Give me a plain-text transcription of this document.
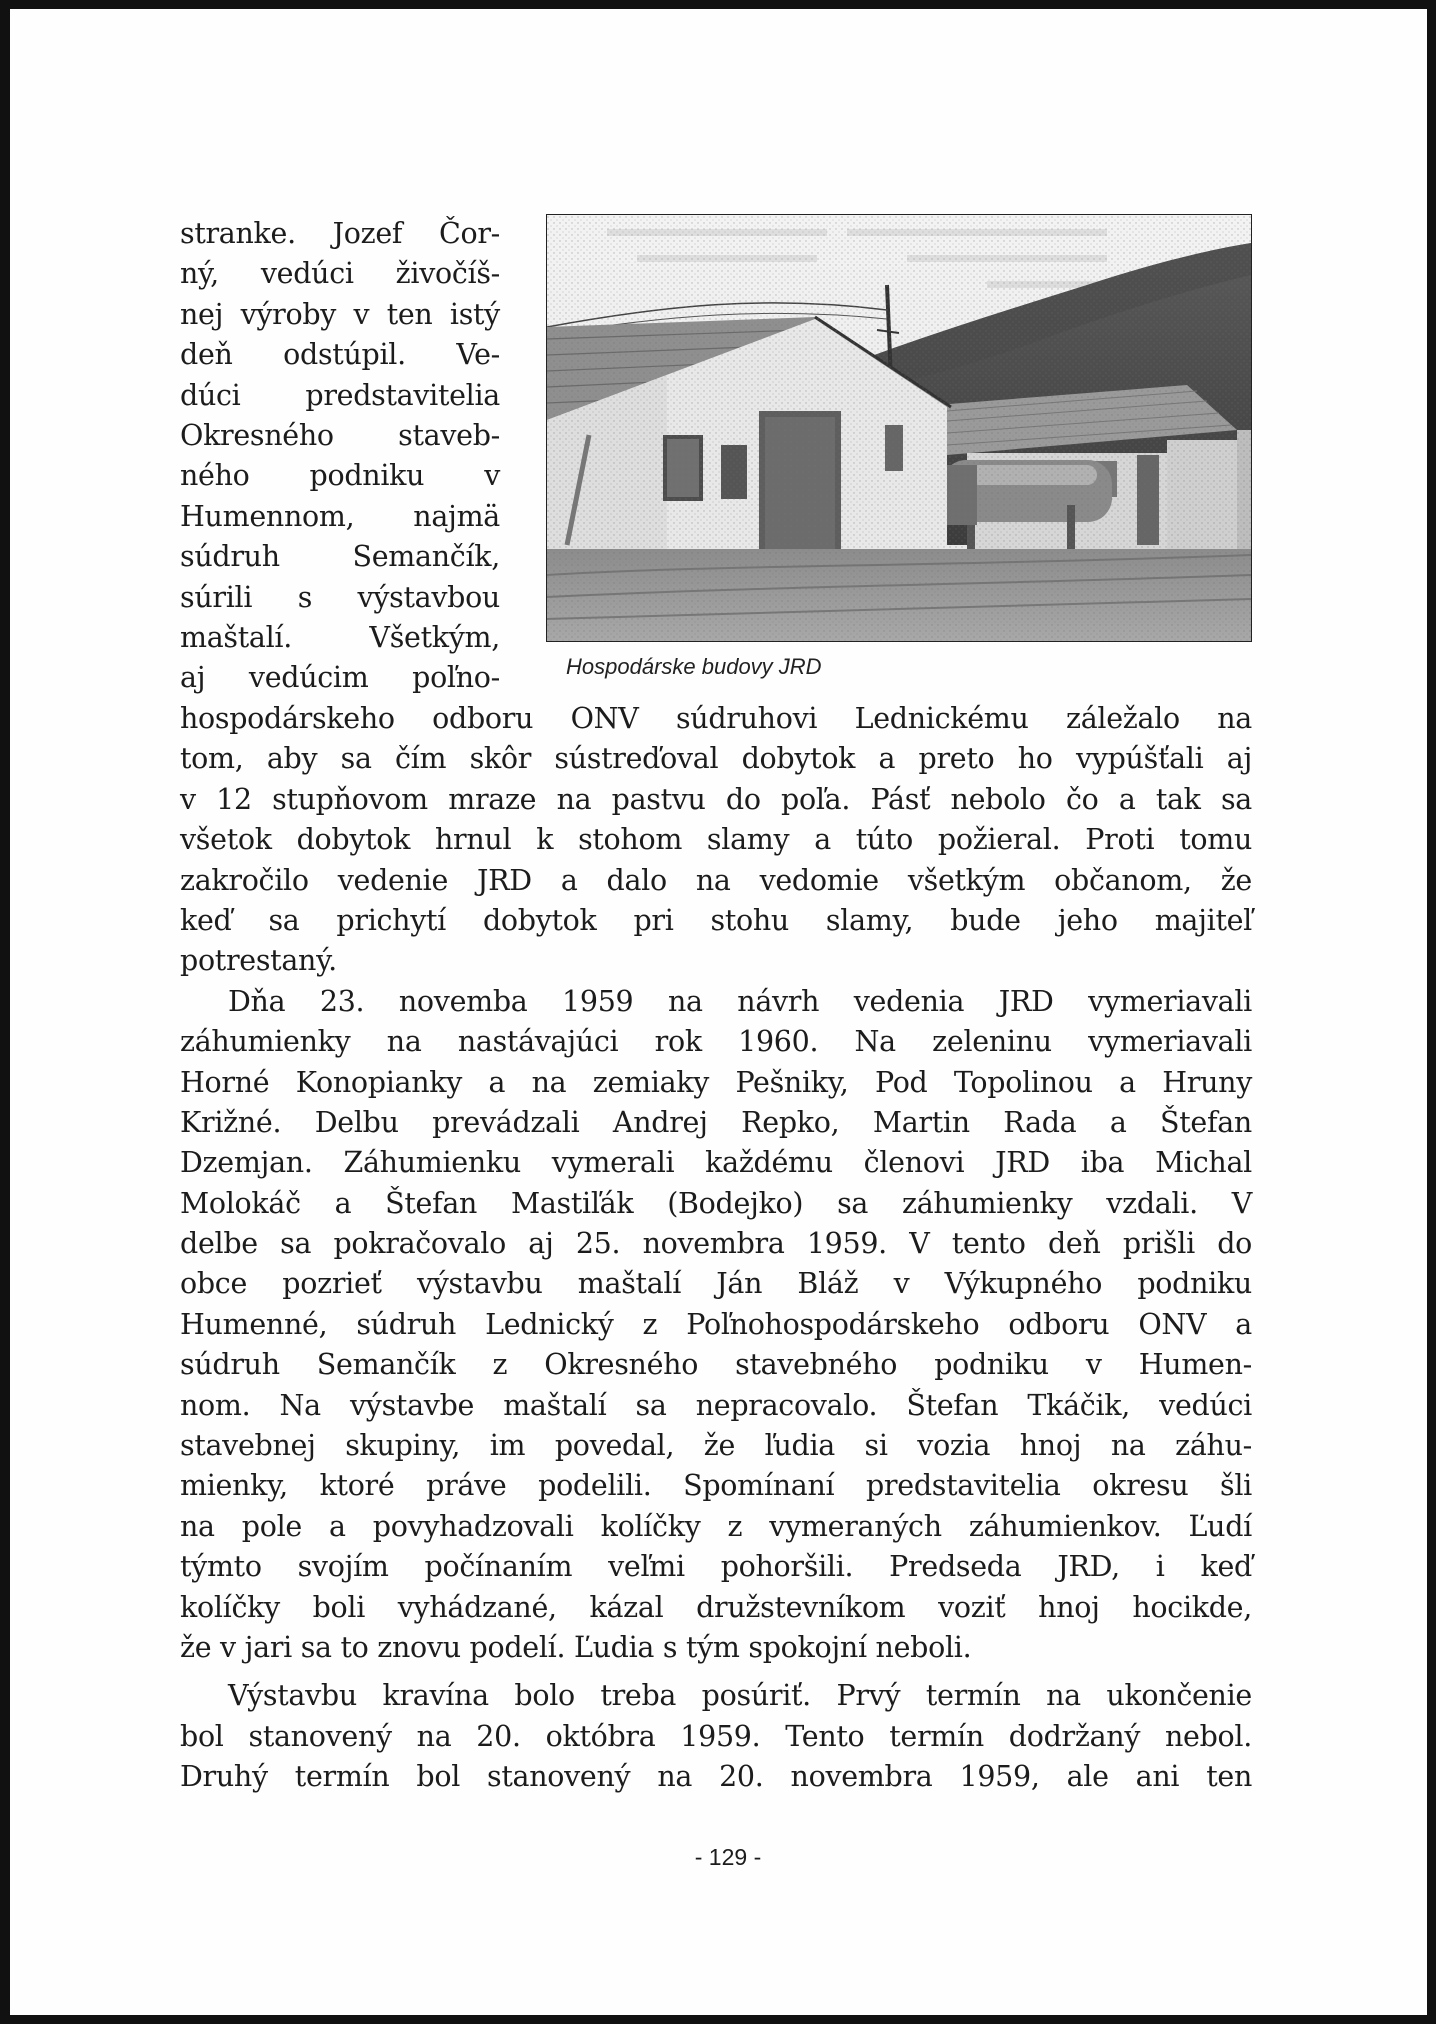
Hospodárske budovy JRD
stranke. Jozef Čor-
ný, vedúci živočíš-
nej výroby v ten istý
deň odstúpil. Ve-
dúci predstavitelia
Okresného staveb-
ného podniku v
Humennom, najmä
súdruh Semančík,
súrili s výstavbou
maštalí. Všetkým,
aj vedúcim poľno-
hospodárskeho odboru ONV súdruhovi Lednickému záležalo na
tom, aby sa čím skôr sústreďoval dobytok a preto ho vypúšťali aj
v 12 stupňovom mraze na pastvu do poľa. Pásť nebolo čo a tak sa
všetok dobytok hrnul k stohom slamy a túto požieral. Proti tomu
zakročilo vedenie JRD a dalo na vedomie všetkým občanom, že
keď sa prichytí dobytok pri stohu slamy, bude jeho majiteľ
potrestaný.
Dňa 23. novemba 1959 na návrh vedenia JRD vymeriavali
záhumienky na nastávajúci rok 1960. Na zeleninu vymeriavali
Horné Konopianky a na zemiaky Pešniky, Pod Topolinou a Hruny
Križné. Delbu prevádzali Andrej Repko, Martin Rada a Štefan
Dzemjan. Záhumienku vymerali každému členovi JRD iba Michal
Molokáč a Štefan Mastiľák (Bodejko) sa záhumienky vzdali. V
delbe sa pokračovalo aj 25. novembra 1959. V tento deň prišli do
obce pozrieť výstavbu maštalí Ján Bláž v Výkupného podniku
Humenné, súdruh Lednický z Poľnohospodárskeho odboru ONV a
súdruh Semančík z Okresného stavebného podniku v Humen-
nom. Na výstavbe maštalí sa nepracovalo. Štefan Tkáčik, vedúci
stavebnej skupiny, im povedal, že ľudia si vozia hnoj na záhu-
mienky, ktoré práve podelili. Spomínaní predstavitelia okresu šli
na pole a povyhadzovali kolíčky z vymeraných záhumienkov. Ľudí
týmto svojím počínaním veľmi pohoršili. Predseda JRD, i keď
kolíčky boli vyhádzané, kázal družstevníkom voziť hnoj hocikde,
že v jari sa to znovu podelí. Ľudia s tým spokojní neboli.
Výstavbu kravína bolo treba posúriť. Prvý termín na ukončenie
bol stanovený na 20. októbra 1959. Tento termín dodržaný nebol.
Druhý termín bol stanovený na 20. novembra 1959, ale ani ten
- 129 -
